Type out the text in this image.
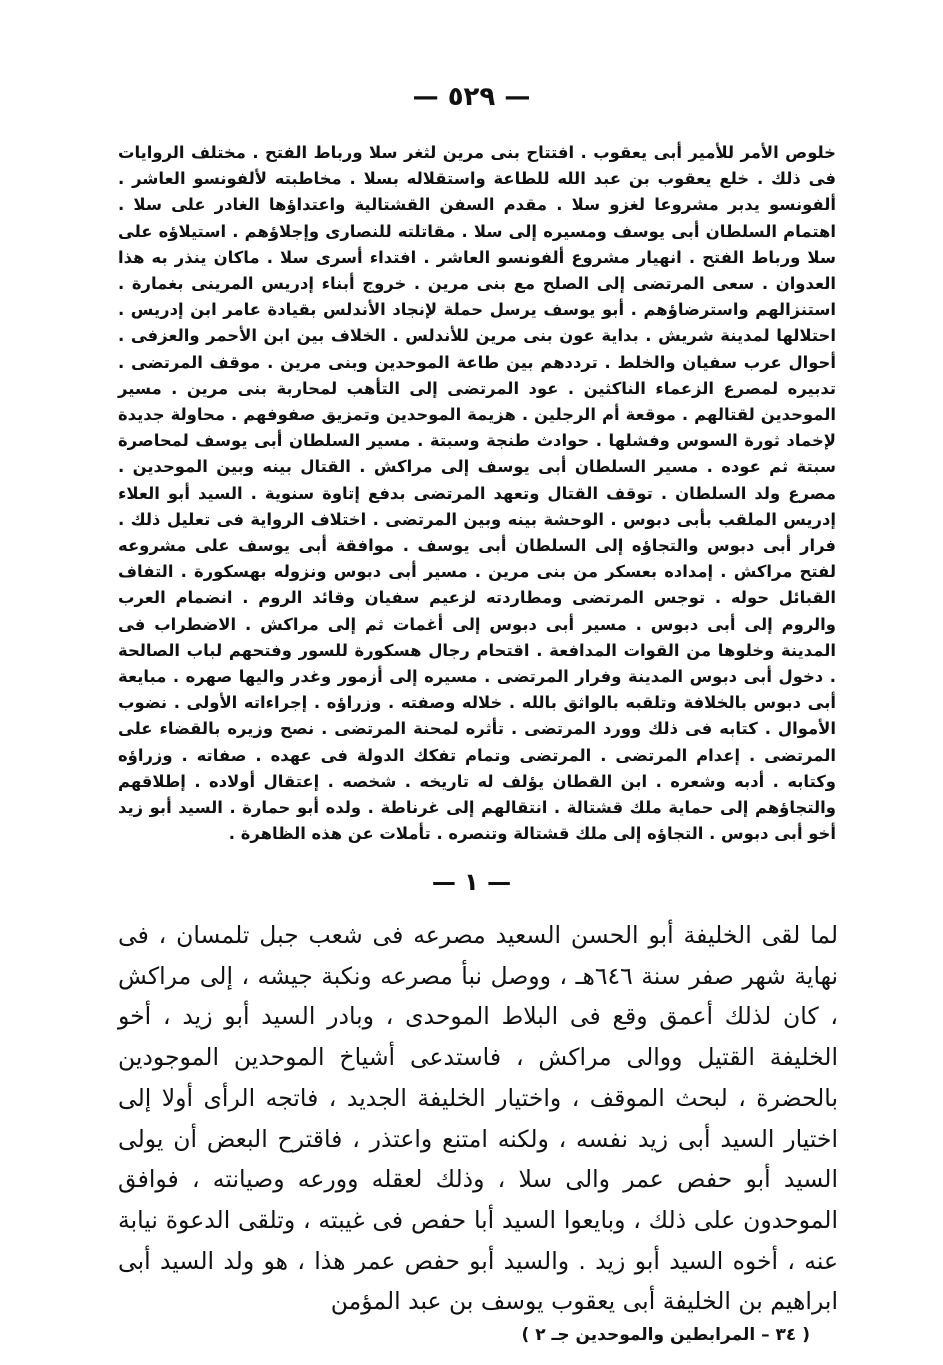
— ٥٢٩ —

خلوص الأمر للأمير أبى يعقوب . افتتاح بنى مرين لثغر سلا ورباط الفتح . مختلف الروايات فى ذلك . خلع يعقوب بن عبد الله للطاعة واستقلاله بسلا . مخاطبته لألفونسو العاشر . ألفونسو يدبر مشروعا لغزو سلا . مقدم السفن القشتالية واعتداؤها الغادر على سلا . اهتمام السلطان أبى يوسف ومسيره إلى سلا . مقاتلته للنصارى وإجلاؤهم . استيلاؤه على سلا ورباط الفتح . انهيار مشروع ألفونسو العاشر . افتداء أسرى سلا . ماكان ينذر به هذا العدوان . سعى المرتضى إلى الصلح مع بنى مرين . خروج أبناء إدريس المرينى بغمارة . استنزالهم واسترضاؤهم . أبو يوسف يرسل حملة لإنجاد الأندلس بقيادة عامر ابن إدريس . احتلالها لمدينة شريش . بداية عون بنى مرين للأندلس . الخلاف بين ابن الأحمر والعزفى . أحوال عرب سفيان والخلط . ترددهم بين طاعة الموحدين وبنى مرين . موقف المرتضى . تدبيره لمصرع الزعماء الناكثين . عود المرتضى إلى التأهب لمحاربة بنى مرين . مسير الموحدين لقتالهم . موقعة أم الرجلين . هزيمة الموحدين وتمزيق صفوفهم . محاولة جديدة لإخماد ثورة السوس وفشلها . حوادث طنجة وسبتة . مسير السلطان أبى يوسف لمحاصرة سبتة ثم عوده . مسير السلطان أبى يوسف إلى مراكش . القتال بينه وبين الموحدين . مصرع ولد السلطان . توقف القتال وتعهد المرتضى بدفع إتاوة سنوية . السيد أبو العلاء إدريس الملقب بأبى دبوس . الوحشة بينه وبين المرتضى . اختلاف الرواية فى تعليل ذلك . فرار أبى دبوس والتجاؤه إلى السلطان أبى يوسف . موافقة أبى يوسف على مشروعه لفتح مراكش . إمداده بعسكر من بنى مرين . مسير أبى دبوس ونزوله بهسكورة . التفاف القبائل حوله . توجس المرتضى ومطاردته لزعيم سفيان وقائد الروم . انضمام العرب والروم إلى أبى دبوس . مسير أبى دبوس إلى أغمات ثم إلى مراكش . الاضطراب فى المدينة وخلوها من القوات المدافعة . اقتحام رجال هسكورة للسور وفتحهم لباب الصالحة . دخول أبى دبوس المدينة وفرار المرتضى . مسيره إلى أزمور وغدر واليها صهره . مبايعة أبى دبوس بالخلافة وتلقبه بالواثق بالله . خلاله وصفته . وزراؤه . إجراءاته الأولى . نضوب الأموال . كتابه فى ذلك وورد المرتضى . تأثره لمحنة المرتضى . نصح وزيره بالقضاء على المرتضى . إعدام المرتضى . المرتضى وتمام تفكك الدولة فى عهده . صفاته . وزراؤه وكتابه . أدبه وشعره . ابن القطان يؤلف له تاريخه . شخصه . إعتقال أولاده . إطلاقهم والتجاؤهم إلى حماية ملك قشتالة . انتقالهم إلى غرناطة . ولده أبو حمارة . السيد أبو زيد أخو أبى دبوس . التجاؤه إلى ملك قشتالة وتنصره . تأملات عن هذه الظاهرة .

— ١ —

لما لقى الخليفة أبو الحسن السعيد مصرعه فى شعب جبل تلمسان ، فى نهاية شهر صفر سنة ٦٤٦هـ ، ووصل نبأ مصرعه ونكبة جيشه ، إلى مراكش ، كان لذلك أعمق وقع فى البلاط الموحدى ، وبادر السيد أبو زيد ، أخو الخليفة القتيل ووالى مراكش ، فاستدعى أشياخ الموحدين الموجودين بالحضرة ، لبحث الموقف ، واختيار الخليفة الجديد ، فاتجه الرأى أولا إلى اختيار السيد أبى زيد نفسه ، ولكنه امتنع واعتذر ، فاقترح البعض أن يولى السيد أبو حفص عمر والى سلا ، وذلك لعقله وورعه وصيانته ، فوافق الموحدون على ذلك ، وبايعوا السيد أبا حفص فى غيبته ، وتلقى الدعوة نيابة عنه ، أخوه السيد أبو زيد . والسيد أبو حفص عمر هذا ، هو ولد السيد أبى ابراهيم بن الخليفة أبى يعقوب يوسف بن عبد المؤمن

( ٣٤ – المرابطين والموحدين جـ ٢ )
